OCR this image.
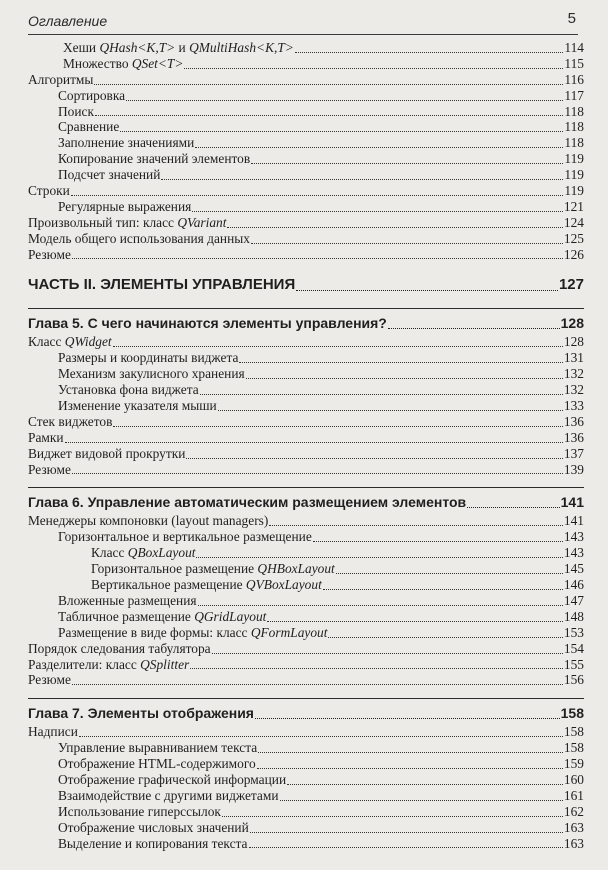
Оглавление	5
Хеши QHash<K,T> и QMultiHash<K,T>	114
Множество QSet<T>	115
Алгоритмы	116
Сортировка	117
Поиск	118
Сравнение	118
Заполнение значениями	118
Копирование значений элементов	119
Подсчет значений	119
Строки	119
Регулярные выражения	121
Произвольный тип: класс QVariant	124
Модель общего использования данных	125
Резюме	126
ЧАСТЬ II. ЭЛЕМЕНТЫ УПРАВЛЕНИЯ	127
Глава 5. С чего начинаются элементы управления?	128
Класс QWidget	128
Размеры и координаты виджета	131
Механизм закулисного хранения	132
Установка фона виджета	132
Изменение указателя мыши	133
Стек виджетов	136
Рамки	136
Виджет видовой прокрутки	137
Резюме	139
Глава 6. Управление автоматическим размещением элементов	141
Менеджеры компоновки (layout managers)	141
Горизонтальное и вертикальное размещение	143
Класс QBoxLayout	143
Горизонтальное размещение QHBoxLayout	145
Вертикальное размещение QVBoxLayout	146
Вложенные размещения	147
Табличное размещение QGridLayout	148
Размещение в виде формы: класс QFormLayout	153
Порядок следования табулятора	154
Разделители: класс QSplitter	155
Резюме	156
Глава 7. Элементы отображения	158
Надписи	158
Управление выравниванием текста	158
Отображение HTML-содержимого	159
Отображение графической информации	160
Взаимодействие с другими виджетами	161
Использование гиперссылок	162
Отображение числовых значений	163
Выделение и копирования текста	163
